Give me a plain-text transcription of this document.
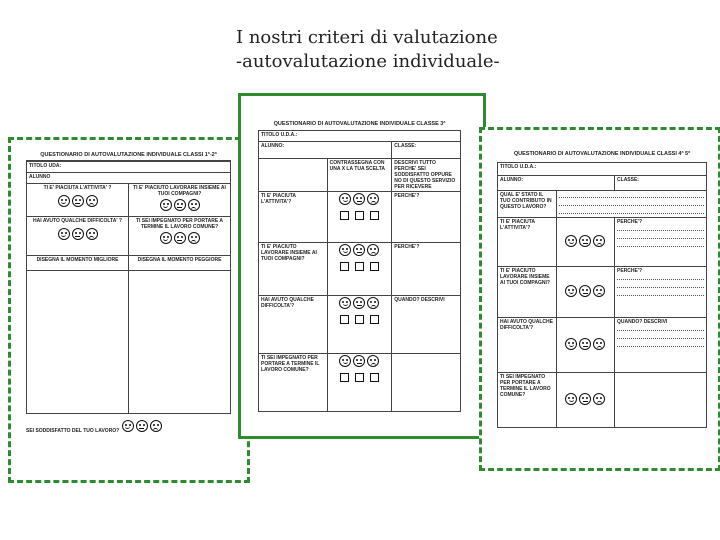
I nostri criteri di valutazione
-autovalutazione individuale-
QUESTIONARIO DI AUTOVALUTAZIONE INDIVIDUALE CLASSI 1ª-2ª
TITOLO UDA:	
ALUNNO	

TI E' PIACIUTA L'ATTIVITA' ?	TI E' PIACIUTO LAVORARE INSIEME AI TUOI COMPAGNI?

HAI AVUTO QUALCHE DIFFICOLTA' ?	TI SEI IMPEGNATO PER PORTARE A TERMINE IL LAVORO COMUNE?

DISEGNA IL MOMENTO MIGLIORE	DISEGNA IL MOMENTO PEGGIORE

SEI SODDISFATTO DEL TUO LAVORO?
QUESTIONARIO DI AUTOVALUTAZIONE INDIVIDUALE CLASSE 3ª
TITOLO U.D.A.:		
ALUNNO:		CLASSE:
	CONTRASSEGNA CON UNA X LA TUA SCELTA	DESCRIVI TUTTO PERCHE' SEI SODDISFATTO OPPURE NO DI QUESTO SERVIZIO PER RICEVERE
TI E' PIACIUTA L'ATTIVITA'?		PERCHE'?
TI E' PIACIUTO LAVORARE INSIEME AI TUOI COMPAGNI?		PERCHE'?
HAI AVUTO QUALCHE DIFFICOLTA'?		QUANDO? DESCRIVI
TI SEI IMPEGNATO PER PORTARE A TERMINE IL LAVORO COMUNE?	

QUESTIONARIO DI AUTOVALUTAZIONE INDIVIDUALE CLASSI 4ª 5ª
TITOLO U.D.A.:		
ALUNNO:		CLASSE:
QUAL E' STATO IL TUO CONTRIBUTO IN QUESTO LAVORO?		

TI E' PIACIUTA L'ATTIVITA'?		PERCHE'?

TI E' PIACIUTO LAVORARE INSIEME AI TUOI COMPAGNI?		PERCHE'?

HAI AVUTO QUALCHE DIFFICOLTA'?		QUANDO? DESCRIVI

TI SEI IMPEGNATO PER PORTARE A TERMINE IL LAVORO COMUNE?		
